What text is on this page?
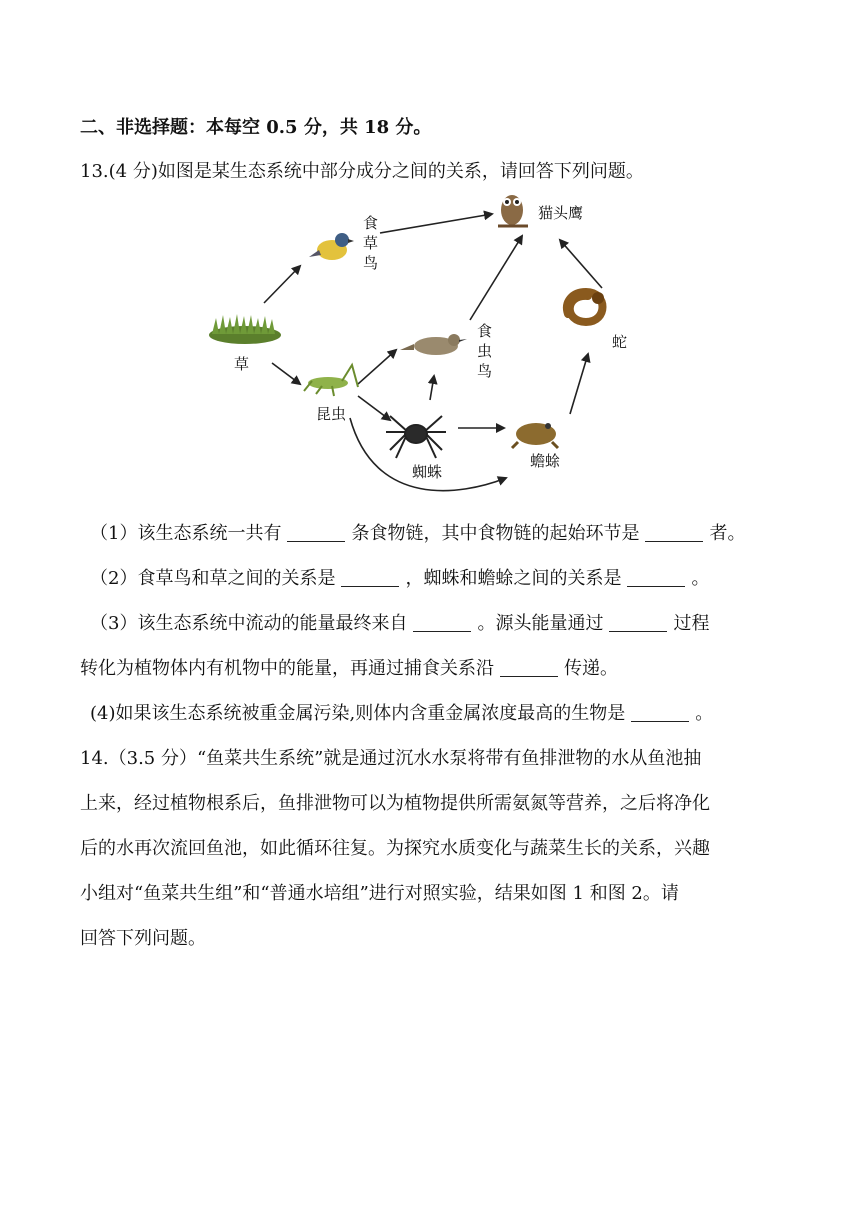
二、非选择题：本每空 0.5 分，共 18 分。
13.(4 分)如图是某生态系统中部分成分之间的关系，请回答下列问题。
草
食
草
鸟
猫头鹰
昆虫
食
虫
鸟
蜘蛛
蟾蜍
蛇
（1）该生态系统一共有	条食物链，其中食物链的起始环节是	者。
（2）食草鸟和草之间的关系是	，蜘蛛和蟾蜍之间的关系是	。
（3）该生态系统中流动的能量最终来自	。源头能量通过	过程
转化为植物体内有机物中的能量，再通过捕食关系沿	传递。
(4)如果该生态系统被重金属污染,则体内含重金属浓度最高的生物是	。
14.（3.5 分）“鱼菜共生系统”就是通过沉水水泵将带有鱼排泄物的水从鱼池抽
上来，经过植物根系后，鱼排泄物可以为植物提供所需氨氮等营养，之后将净化
后的水再次流回鱼池，如此循环往复。为探究水质变化与蔬菜生长的关系，兴趣
小组对“鱼菜共生组”和“普通水培组”进行对照实验，结果如图 1 和图 2。请
回答下列问题。
